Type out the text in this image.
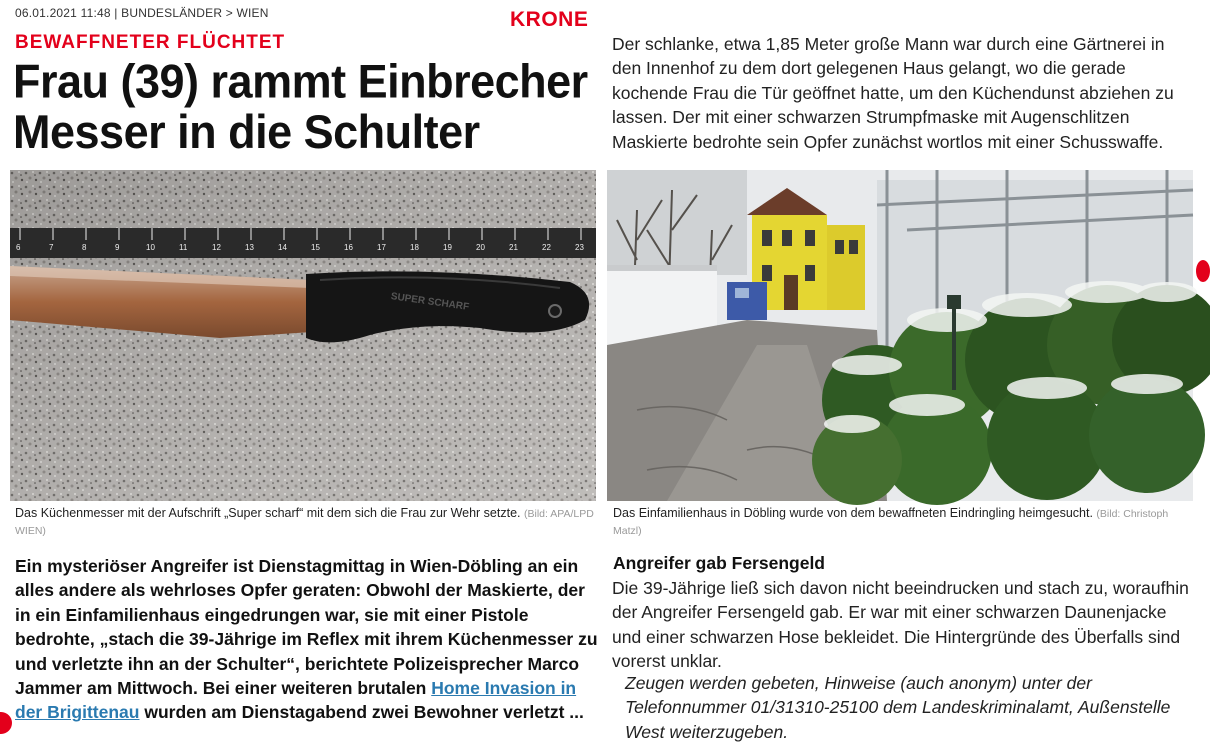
06.01.2021 11:48 | BUNDESLÄNDER > WIEN	KRONE
BEWAFFNETER FLÜCHTET
Frau (39) rammt Einbrecher Messer in die Schulter

Der schlanke, etwa 1,85 Meter große Mann war durch eine Gärtnerei in den Innenhof zu dem dort gelegenen Haus gelangt, wo die gerade kochende Frau die Tür geöffnet hatte, um den Küchendunst abziehen zu lassen. Der mit einer schwarzen Strumpfmaske mit Augenschlitzen Maskierte bedrohte sein Opfer zunächst wortlos mit einer Schusswaffe.

6	7	8	9	10	11	12	13	14	15	16	17	18	19	20	21	22	23
SUPER SCHARF
Das Küchenmesser mit der Aufschrift „Super scharf“ mit dem sich die Frau zur Wehr setzte. (Bild: APA/LPD WIEN)
Das Einfamilienhaus in Döbling wurde von dem bewaffneten Eindringling heimgesucht. (Bild: Christoph Matzl)

Ein mysteriöser Angreifer ist Dienstagmittag in Wien-Döbling an ein alles andere als wehrloses Opfer geraten: Obwohl der Maskierte, der in ein Einfamilienhaus eingedrungen war, sie mit einer Pistole bedrohte, „stach die 39-Jährige im Reflex mit ihrem Küchenmesser zu und verletzte ihn an der Schulter“, berichtete Polizeisprecher Marco Jammer am Mittwoch. Bei einer weiteren brutalen Home Invasion in der Brigittenau wurden am Dienstagabend zwei Bewohner verletzt ...

Angreifer gab Fersengeld

Die 39-Jährige ließ sich davon nicht beeindrucken und stach zu, woraufhin der Angreifer Fersengeld gab. Er war mit einer schwarzen Daunenjacke und einer schwarzen Hose bekleidet. Die Hintergründe des Überfalls sind vorerst unklar.

Zeugen werden gebeten, Hinweise (auch anonym) unter der Telefonnummer 01/31310-25100 dem Landeskriminalamt, Außenstelle West weiterzugeben.
